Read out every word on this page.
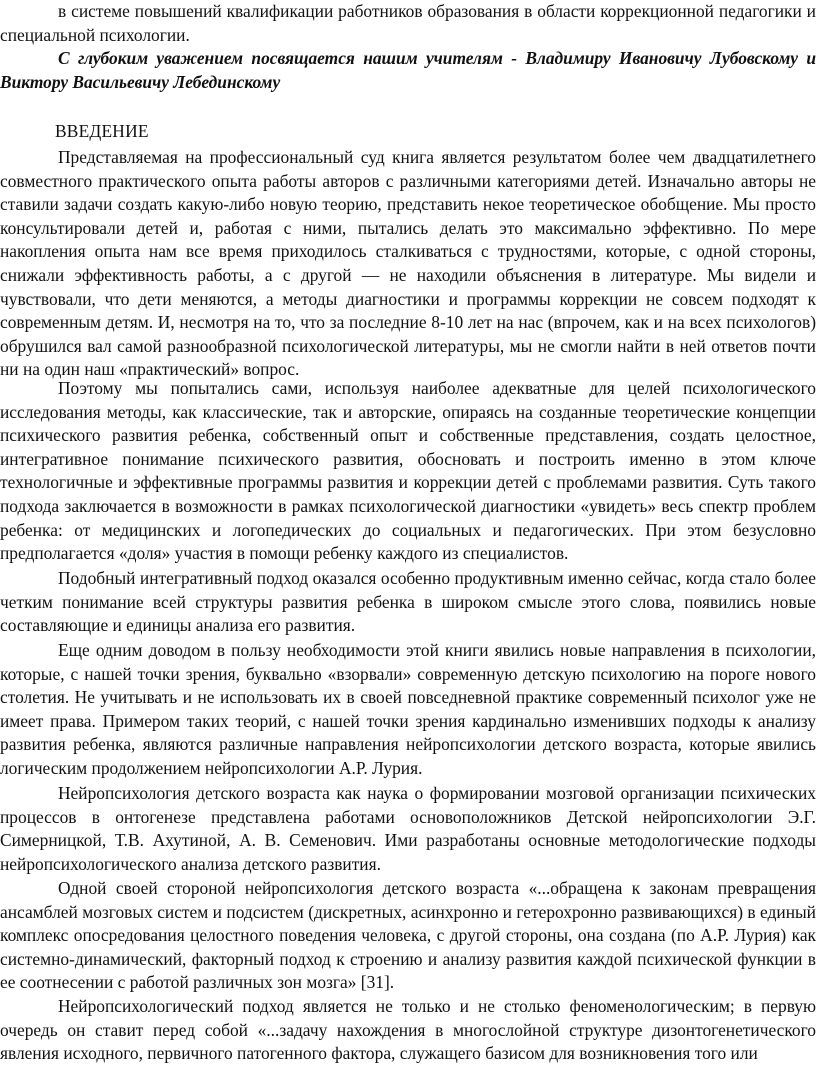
в системе повышений квалификации работников образования в области коррекционной педагогики и специальной психологии.

С глубоким уважением посвящается нашим учителям - Владимиру Ивановичу Лубовскому и Виктору Васильевичу Лебединскому

ВВЕДЕНИЕ

Представляемая на профессиональный суд книга является результатом более чем двадцатилетнего совместного практического опыта работы авторов с различными категориями детей. Изначально авторы не ставили задачи создать какую-либо новую теорию, представить некое теоретическое обобщение. Мы просто консультировали детей и, работая с ними, пытались делать это максимально эффективно. По мере накопления опыта нам все время приходилось сталкиваться с трудностями, которые, с одной стороны, снижали эффективность работы, а с другой — не находили объяснения в литературе. Мы видели и чувствовали, что дети меняются, а методы диагностики и программы коррекции не совсем подходят к современным детям. И, несмотря на то, что за последние 8-10 лет на нас (впрочем, как и на всех психологов) обрушился вал самой разнообразной психологической литературы, мы не смогли найти в ней ответов почти ни на один наш «практический» вопрос.

Поэтому мы попытались сами, используя наиболее адекватные для целей психологического исследования методы, как классические, так и авторские, опираясь на созданные теоретические концепции психического развития ребенка, собственный опыт и собственные представления, создать целостное, интегративное понимание психического развития, обосновать и построить именно в этом ключе технологичные и эффективные программы развития и коррекции детей с проблемами развития. Суть такого подхода заключается в возможности в рамках психологической диагностики «увидеть» весь спектр проблем ребенка: от медицинских и логопедических до социальных и педагогических. При этом безусловно предполагается «доля» участия в помощи ребенку каждого из специалистов.

Подобный интегративный подход оказался особенно продуктивным именно сейчас, когда стало более четким понимание всей структуры развития ребенка в широком смысле этого слова, появились новые составляющие и единицы анализа его развития.

Еще одним доводом в пользу необходимости этой книги явились новые направления в психологии, которые, с нашей точки зрения, буквально «взорвали» современную детскую психологию на пороге нового столетия. Не учитывать и не использовать их в своей повседневной практике современный психолог уже не имеет права. Примером таких теорий, с нашей точки зрения кардинально изменивших подходы к анализу развития ребенка, являются различные направления нейропсихологии детского возраста, которые явились логическим продолжением нейропсихологии А.Р. Лурия.

Нейропсихология детского возраста как наука о формировании мозговой организации психических процессов в онтогенезе представлена работами основоположников Детской нейропсихологии Э.Г. Симерницкой, Т.В. Ахутиной, А. В. Семенович. Ими разработаны основные методологические подходы нейропсихологического анализа детского развития.

Одной своей стороной нейропсихология детского возраста «...обращена к законам превращения ансамблей мозговых систем и подсистем (дискретных, асинхронно и гетерохронно развивающихся) в единый комплекс опосредования целостного поведения человека, с другой стороны, она создана (по А.Р. Лурия) как системно-динамический, факторный подход к строению и анализу развития каждой психической функции в ее соотнесении с работой различных зон мозга» [31].

Нейропсихологический подход является не только и не столько феноменологическим; в первую очередь он ставит перед собой «...задачу нахождения в многослойной структуре дизонтогенетического явления исходного, первичного патогенного фактора, служащего базисом для возникновения того или
